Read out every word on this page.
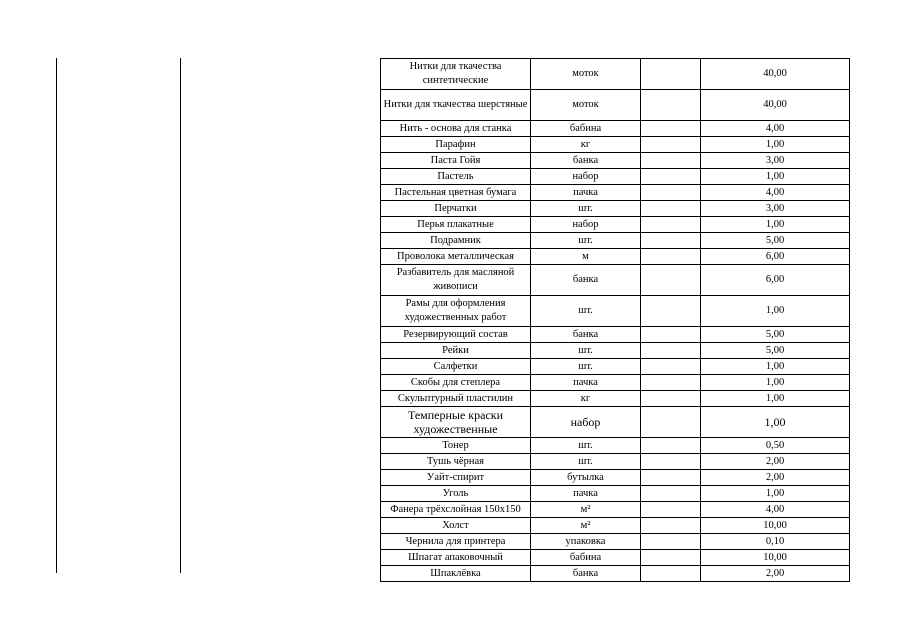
Нитки для ткачества синтетические	моток		40,00
Нитки для ткачества шерстяные	моток		40,00
Нить - основа для станка	бабина		4,00
Парафин	кг		1,00
Паста Гойя	банка		3,00
Пастель	набор		1,00
Пастельная цветная бумага	пачка		4,00
Перчатки	шт.		3,00
Перья плакатные	набор		1,00
Подрамник	шт.		5,00
Проволока металлическая	м		6,00
Разбавитель для масляной живописи	банка		6,00
Рамы для оформления художественных работ	шт.		1,00
Резервирующий состав	банка		5,00
Рейки	шт.		5,00
Салфетки	шт.		1,00
Скобы для степлера	пачка		1,00
Скульптурный пластилин	кг		1,00
Темперные краски художественные	набор		1,00
Тонер	шт.		0,50
Тушь чёрная	шт.		2,00
Уайт-спирит	бутылка		2,00
Уголь	пачка		1,00
Фанера трёхслойная 150х150	м²		4,00
Холст	м²		10,00
Чернила для принтера	упаковка		0,10
Шпагат апаковочный	бабина		10,00
Шпаклёвка	банка		2,00
